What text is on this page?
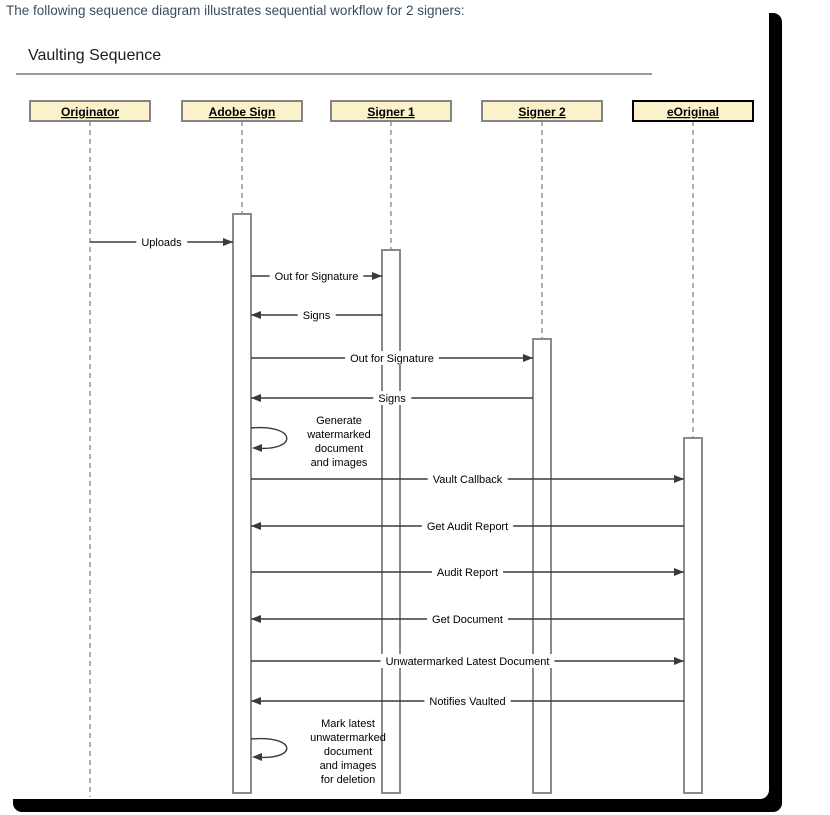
The following sequence diagram illustrates sequential workflow for 2 signers:
Vaulting Sequence
Originator	Adobe Sign	Signer 1	Signer 2	eOriginal
Uploads
Out for Signature
Signs
Out for Signature
Signs
Generate watermarked document and images
Vault Callback
Get Audit Report
Audit Report
Get Document
Unwatermarked Latest Document
Notifies Vaulted
Mark latest unwatermarked document and images for deletion
